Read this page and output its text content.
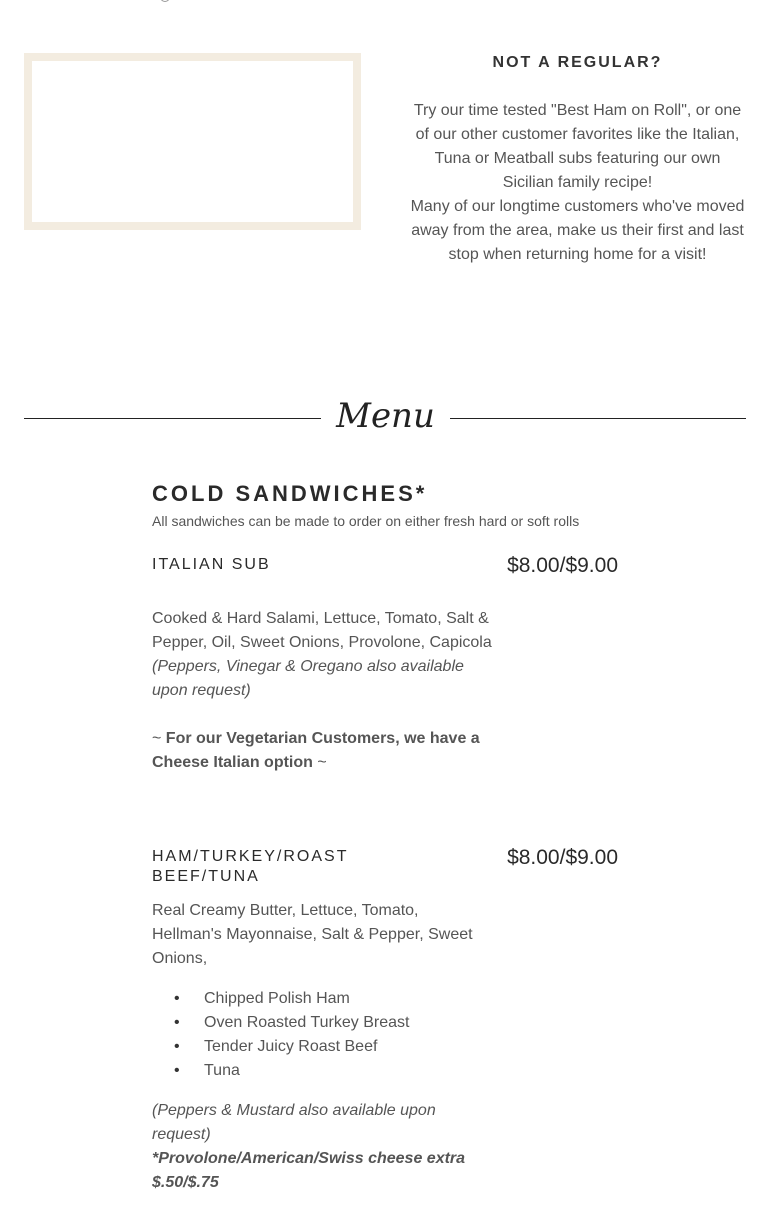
NOT A REGULAR?

Try our time tested "Best Ham on Roll", or one of our other customer favorites like the Italian, Tuna or Meatball subs featuring our own Sicilian family recipe!

Many of our longtime customers who've moved away from the area, make us their first and last stop when returning home for a visit!

Menu
COLD SANDWICHES*
All sandwiches can be made to order on either fresh hard or soft rolls
ITALIAN SUB	$8.00/$9.00

Cooked & Hard Salami, Lettuce, Tomato, Salt & Pepper, Oil, Sweet Onions, Provolone, Capicola

(Peppers, Vinegar & Oregano also available upon request)

~ For our Vegetarian Customers, we have a Cheese Italian option ~

HAM/TURKEY/ROAST BEEF/TUNA
$8.00/$9.00

Real Creamy Butter, Lettuce, Tomato, Hellman's Mayonnaise, Salt & Pepper, Sweet Onions,

• Chipped Polish Ham
• Oven Roasted Turkey Breast
• Tender Juicy Roast Beef
• Tuna

(Peppers & Mustard also available upon request)

*Provolone/American/Swiss cheese extra $.50/$.75
